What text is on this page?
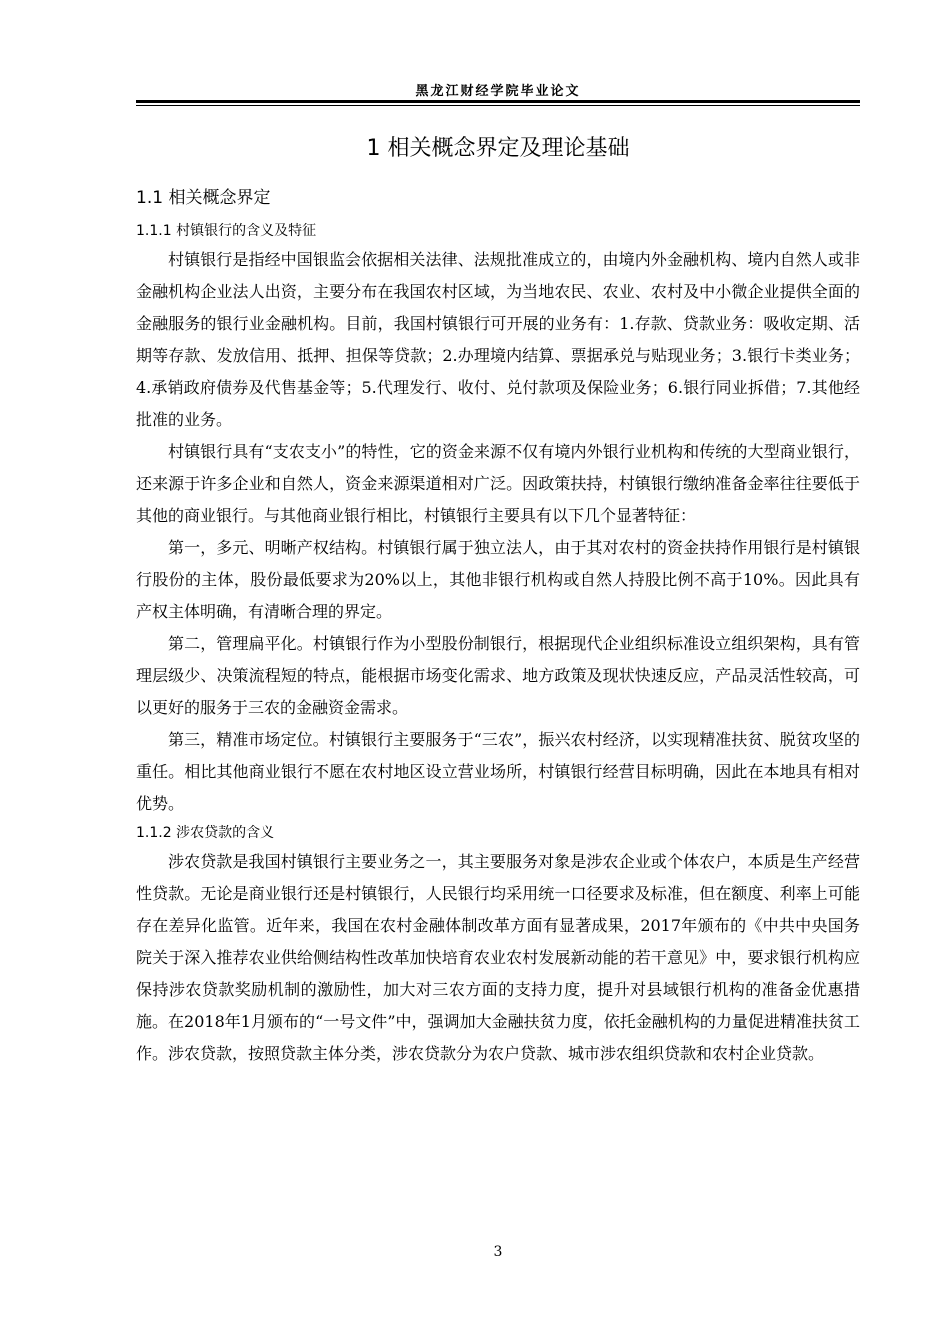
黑龙江财经学院毕业论文
1 相关概念界定及理论基础
1.1 相关概念界定
1.1.1 村镇银行的含义及特征

村镇银行是指经中国银监会依据相关法律、法规批准成立的，由境内外金融机构、境内自然人或非金融机构企业法人出资，主要分布在我国农村区域，为当地农民、农业、农村及中小微企业提供全面的金融服务的银行业金融机构。目前，我国村镇银行可开展的业务有：1.存款、贷款业务：吸收定期、活期等存款、发放信用、抵押、担保等贷款；2.办理境内结算、票据承兑与贴现业务；3.银行卡类业务；4.承销政府债券及代售基金等；5.代理发行、收付、兑付款项及保险业务；6.银行同业拆借；7.其他经批准的业务。

村镇银行具有“支农支小”的特性，它的资金来源不仅有境内外银行业机构和传统的大型商业银行，还来源于许多企业和自然人，资金来源渠道相对广泛。因政策扶持，村镇银行缴纳准备金率往往要低于其他的商业银行。与其他商业银行相比，村镇银行主要具有以下几个显著特征：

第一，多元、明晰产权结构。村镇银行属于独立法人，由于其对农村的资金扶持作用银行是村镇银行股份的主体，股份最低要求为20%以上，其他非银行机构或自然人持股比例不高于10%。因此具有产权主体明确，有清晰合理的界定。

第二，管理扁平化。村镇银行作为小型股份制银行，根据现代企业组织标准设立组织架构，具有管理层级少、决策流程短的特点，能根据市场变化需求、地方政策及现状快速反应，产品灵活性较高，可以更好的服务于三农的金融资金需求。

第三，精准市场定位。村镇银行主要服务于“三农”，振兴农村经济，以实现精准扶贫、脱贫攻坚的重任。相比其他商业银行不愿在农村地区设立营业场所，村镇银行经营目标明确，因此在本地具有相对优势。

1.1.2 涉农贷款的含义

涉农贷款是我国村镇银行主要业务之一，其主要服务对象是涉农企业或个体农户，本质是生产经营性贷款。无论是商业银行还是村镇银行，人民银行均采用统一口径要求及标准，但在额度、利率上可能存在差异化监管。近年来，我国在农村金融体制改革方面有显著成果，2017年颁布的《中共中央国务院关于深入推荐农业供给侧结构性改革加快培育农业农村发展新动能的若干意见》中，要求银行机构应保持涉农贷款奖励机制的激励性，加大对三农方面的支持力度，提升对县域银行机构的准备金优惠措施。在2018年1月颁布的“一号文件”中，强调加大金融扶贫力度，依托金融机构的力量促进精准扶贫工作。涉农贷款，按照贷款主体分类，涉农贷款分为农户贷款、城市涉农组织贷款和农村企业贷款。

3
